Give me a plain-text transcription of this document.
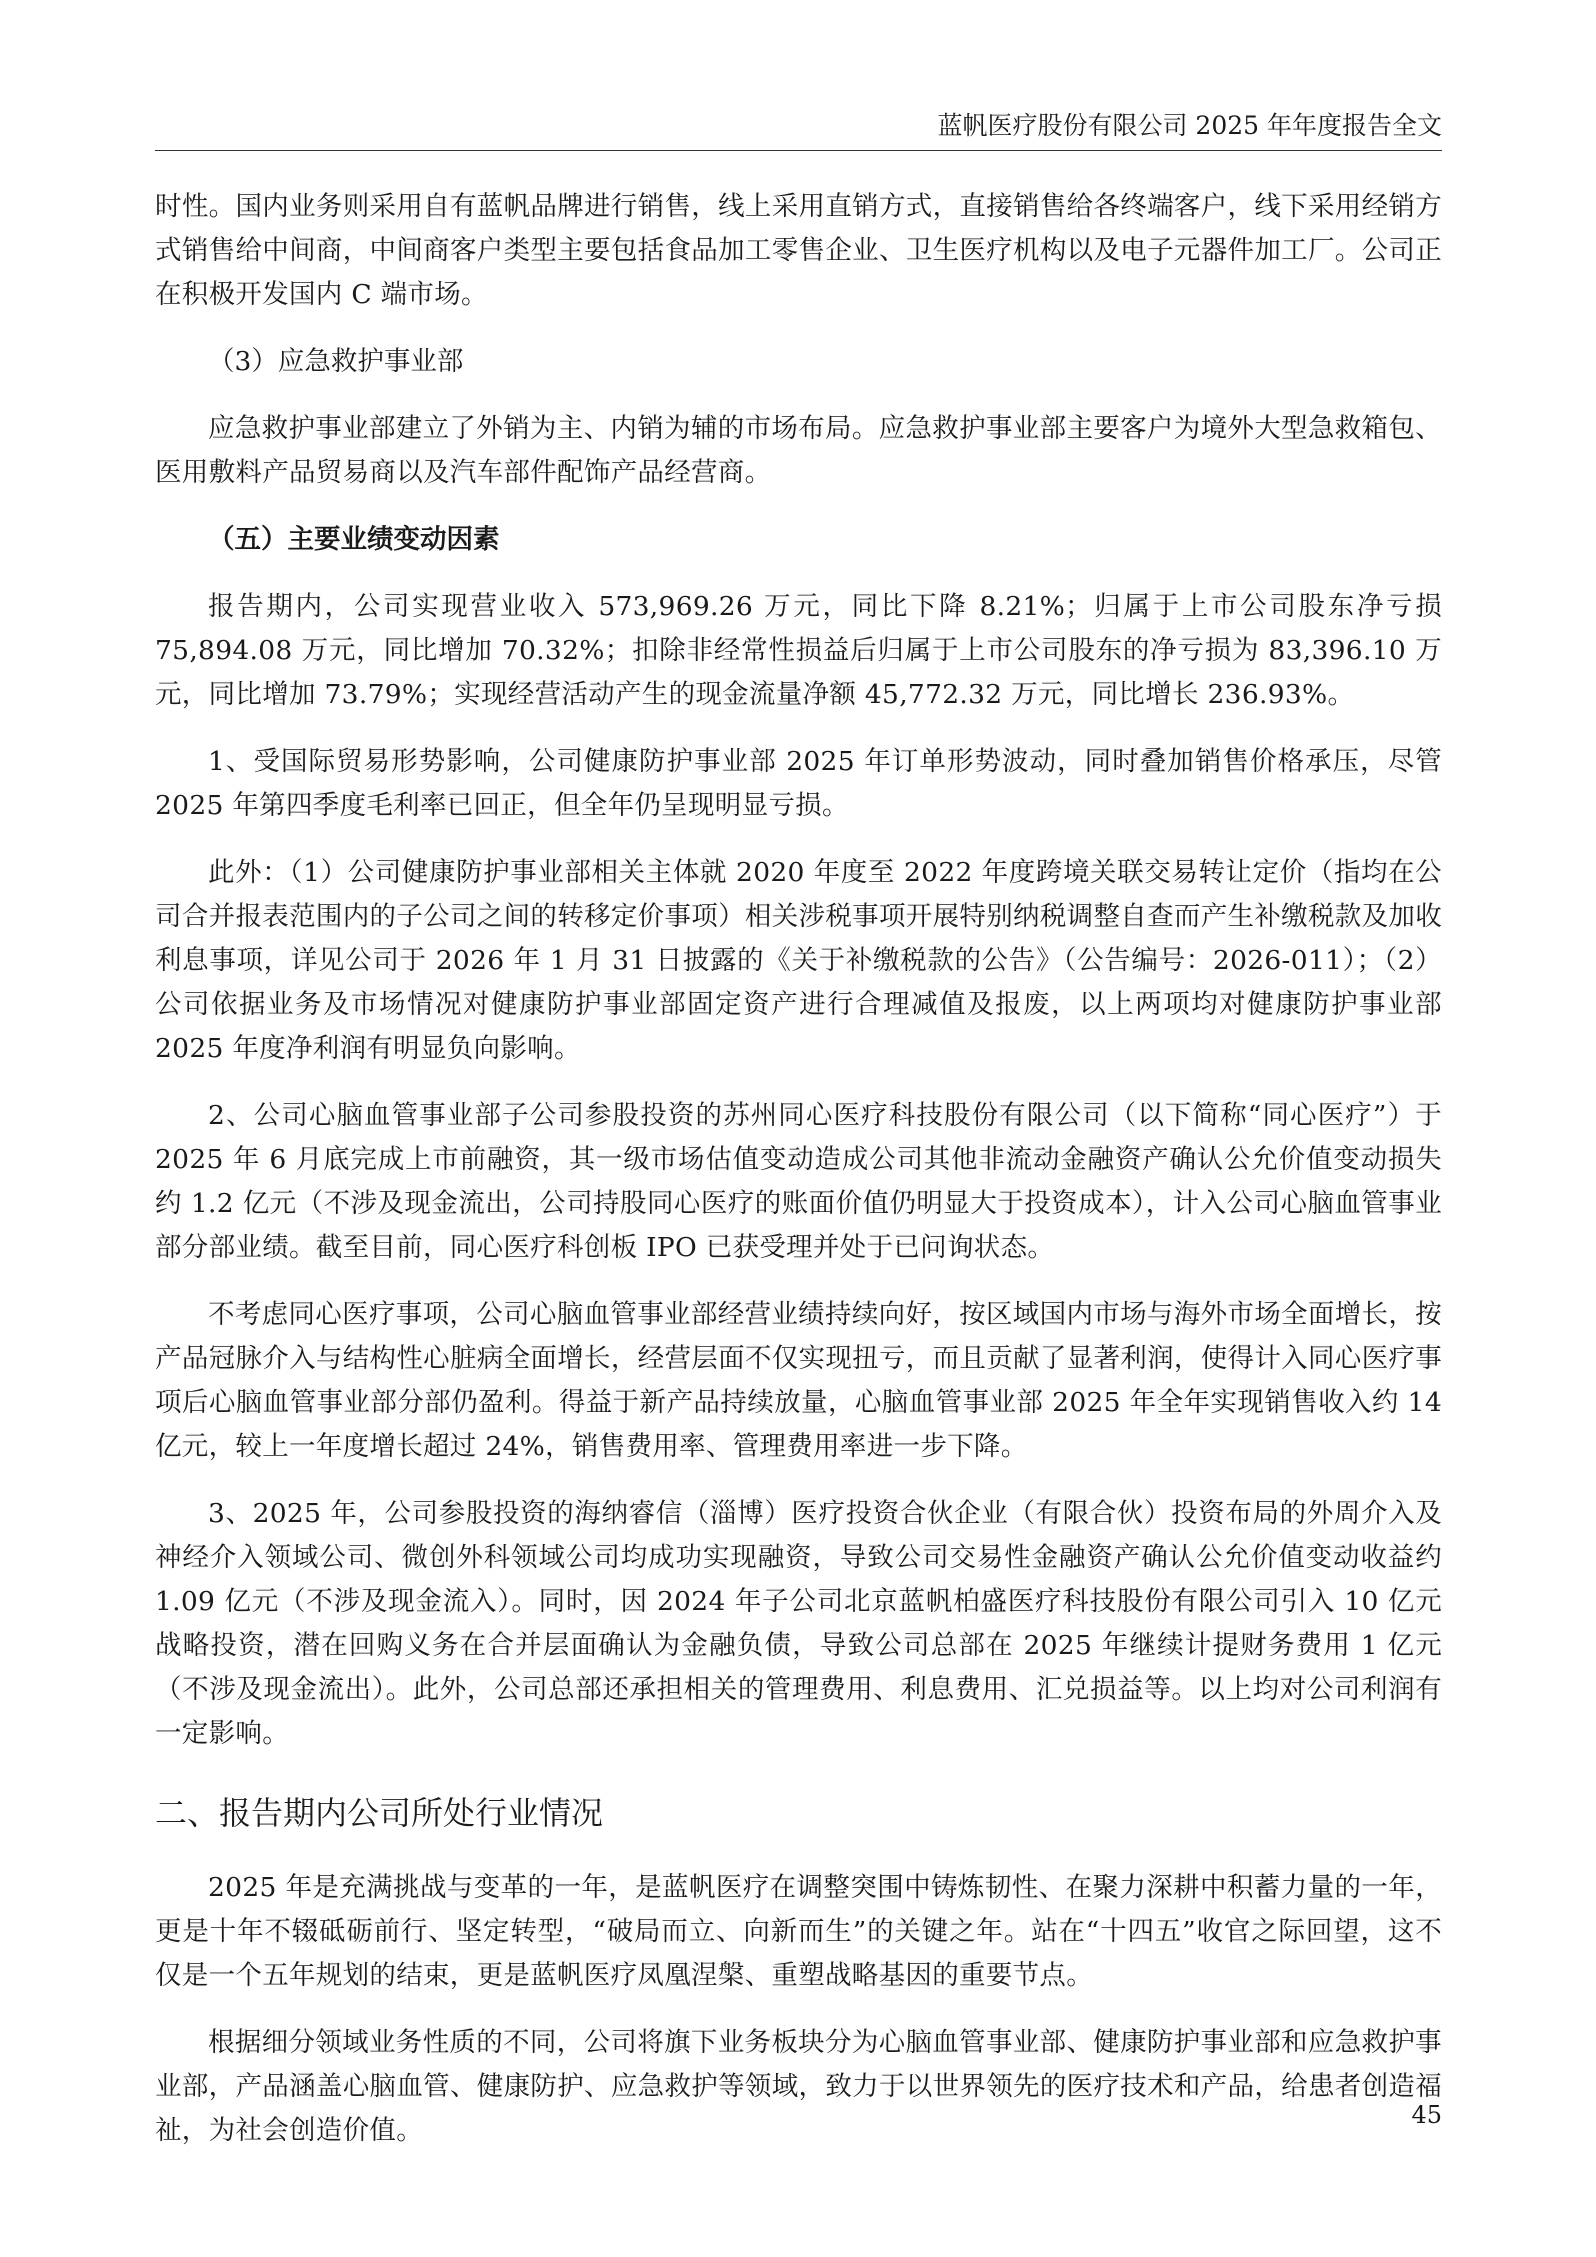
蓝帆医疗股份有限公司 2025 年年度报告全文

时性。国内业务则采用自有蓝帆品牌进行销售，线上采用直销方式，直接销售给各终端客户，线下采用经销方式销售给中间商，中间商客户类型主要包括食品加工零售企业、卫生医疗机构以及电子元器件加工厂。公司正在积极开发国内 C 端市场。

（3）应急救护事业部

应急救护事业部建立了外销为主、内销为辅的市场布局。应急救护事业部主要客户为境外大型急救箱包、医用敷料产品贸易商以及汽车部件配饰产品经营商。

（五）主要业绩变动因素

报告期内，公司实现营业收入 573,969.26 万元，同比下降 8.21%；归属于上市公司股东净亏损 75,894.08 万元，同比增加 70.32%；扣除非经常性损益后归属于上市公司股东的净亏损为 83,396.10 万元，同比增加 73.79%；实现经营活动产生的现金流量净额 45,772.32 万元，同比增长 236.93%。

1、受国际贸易形势影响，公司健康防护事业部 2025 年订单形势波动，同时叠加销售价格承压，尽管 2025 年第四季度毛利率已回正，但全年仍呈现明显亏损。

此外：（1）公司健康防护事业部相关主体就 2020 年度至 2022 年度跨境关联交易转让定价（指均在公司合并报表范围内的子公司之间的转移定价事项）相关涉税事项开展特别纳税调整自查而产生补缴税款及加收利息事项，详见公司于 2026 年 1 月 31 日披露的《关于补缴税款的公告》（公告编号：2026-011）；（2）公司依据业务及市场情况对健康防护事业部固定资产进行合理减值及报废，以上两项均对健康防护事业部 2025 年度净利润有明显负向影响。

2、公司心脑血管事业部子公司参股投资的苏州同心医疗科技股份有限公司（以下简称“同心医疗”）于 2025 年 6 月底完成上市前融资，其一级市场估值变动造成公司其他非流动金融资产确认公允价值变动损失约 1.2 亿元（不涉及现金流出，公司持股同心医疗的账面价值仍明显大于投资成本），计入公司心脑血管事业部分部业绩。截至目前，同心医疗科创板 IPO 已获受理并处于已问询状态。

不考虑同心医疗事项，公司心脑血管事业部经营业绩持续向好，按区域国内市场与海外市场全面增长，按产品冠脉介入与结构性心脏病全面增长，经营层面不仅实现扭亏，而且贡献了显著利润，使得计入同心医疗事项后心脑血管事业部分部仍盈利。得益于新产品持续放量，心脑血管事业部 2025 年全年实现销售收入约 14 亿元，较上一年度增长超过 24%，销售费用率、管理费用率进一步下降。

3、2025 年，公司参股投资的海纳睿信（淄博）医疗投资合伙企业（有限合伙）投资布局的外周介入及神经介入领域公司、微创外科领域公司均成功实现融资，导致公司交易性金融资产确认公允价值变动收益约 1.09 亿元（不涉及现金流入）。同时，因 2024 年子公司北京蓝帆柏盛医疗科技股份有限公司引入 10 亿元战略投资，潜在回购义务在合并层面确认为金融负债，导致公司总部在 2025 年继续计提财务费用 1 亿元（不涉及现金流出）。此外，公司总部还承担相关的管理费用、利息费用、汇兑损益等。以上均对公司利润有一定影响。

二、报告期内公司所处行业情况

2025 年是充满挑战与变革的一年，是蓝帆医疗在调整突围中铸炼韧性、在聚力深耕中积蓄力量的一年，更是十年不辍砥砺前行、坚定转型，“破局而立、向新而生”的关键之年。站在“十四五”收官之际回望，这不仅是一个五年规划的结束，更是蓝帆医疗凤凰涅槃、重塑战略基因的重要节点。

根据细分领域业务性质的不同，公司将旗下业务板块分为心脑血管事业部、健康防护事业部和应急救护事业部，产品涵盖心脑血管、健康防护、应急救护等领域，致力于以世界领先的医疗技术和产品，给患者创造福祉，为社会创造价值。	45
